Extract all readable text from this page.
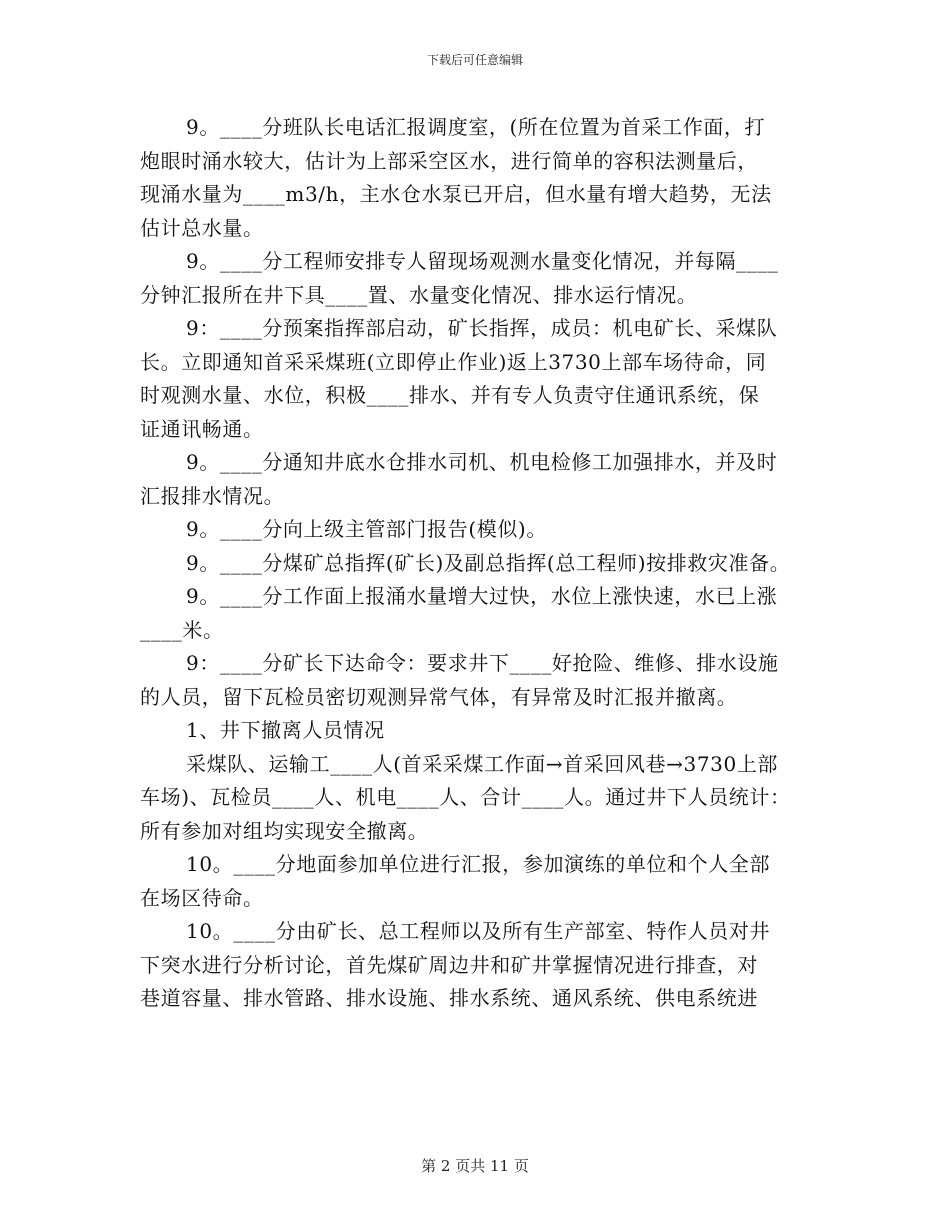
下载后可任意编辑

9。____分班队长电话汇报调度室，(所在位置为首采工作面，打
炮眼时涌水较大，估计为上部采空区水，进行简单的容积法测量后，
现涌水量为____m3/h，主水仓水泵已开启，但水量有增大趋势，无法
估计总水量。

9。____分工程师安排专人留现场观测水量变化情况，并每隔____
分钟汇报所在井下具____置、水量变化情况、排水运行情况。

9：____分预案指挥部启动，矿长指挥，成员：机电矿长、采煤队
长。立即通知首采采煤班(立即停止作业)返上3730上部车场待命，同
时观测水量、水位，积极____排水、并有专人负责守住通讯系统，保
证通讯畅通。

9。____分通知井底水仓排水司机、机电检修工加强排水，并及时
汇报排水情况。

9。____分向上级主管部门报告(模似)。

9。____分煤矿总指挥(矿长)及副总指挥(总工程师)按排救灾准备。

9。____分工作面上报涌水量增大过快，水位上涨快速，水已上涨
____米。

9：____分矿长下达命令：要求井下____好抢险、维修、排水设施
的人员，留下瓦检员密切观测异常气体，有异常及时汇报并撤离。

1、井下撤离人员情况

采煤队、运输工____人(首采采煤工作面→首采回风巷→3730上部
车场)、瓦检员____人、机电____人、合计____人。通过井下人员统计：
所有参加对组均实现安全撤离。

10。____分地面参加单位进行汇报，参加演练的单位和个人全部
在场区待命。

10。____分由矿长、总工程师以及所有生产部室、特作人员对井
下突水进行分析讨论，首先煤矿周边井和矿井掌握情况进行排查，对
巷道容量、排水管路、排水设施、排水系统、通风系统、供电系统进

第 2 页共 11 页
